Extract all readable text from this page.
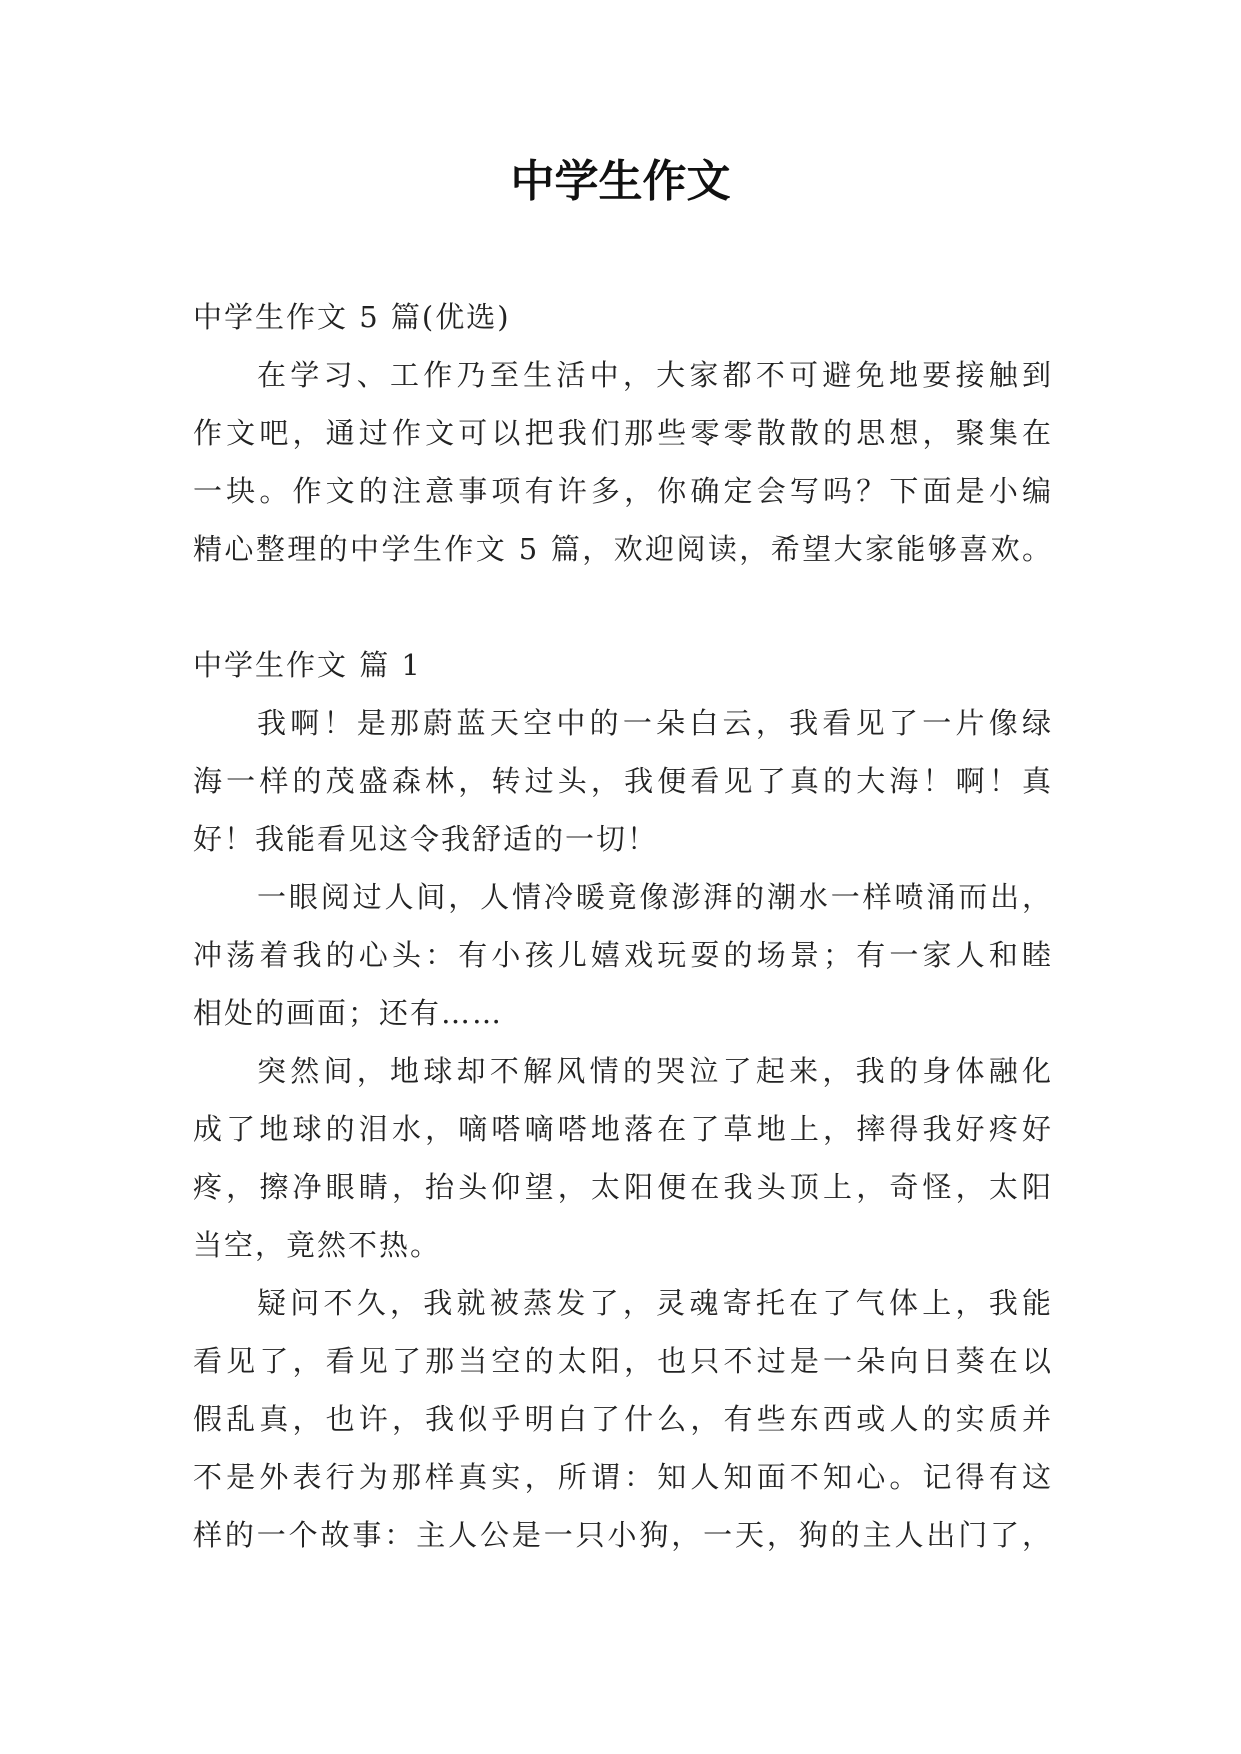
中学生作文
中学生作文 5 篇(优选)
在学习、工作乃至生活中，大家都不可避免地要接触到
作文吧，通过作文可以把我们那些零零散散的思想，聚集在
一块。作文的注意事项有许多，你确定会写吗？下面是小编
精心整理的中学生作文 5 篇，欢迎阅读，希望大家能够喜欢。
中学生作文 篇 1
我啊！是那蔚蓝天空中的一朵白云，我看见了一片像绿
海一样的茂盛森林，转过头，我便看见了真的大海！啊！真
好！我能看见这令我舒适的一切！
一眼阅过人间，人情冷暖竟像澎湃的潮水一样喷涌而出，
冲荡着我的心头：有小孩儿嬉戏玩耍的场景；有一家人和睦
相处的画面；还有……
突然间，地球却不解风情的哭泣了起来，我的身体融化
成了地球的泪水，嘀嗒嘀嗒地落在了草地上，摔得我好疼好
疼，擦净眼睛，抬头仰望，太阳便在我头顶上，奇怪，太阳
当空，竟然不热。
疑问不久，我就被蒸发了，灵魂寄托在了气体上，我能
看见了，看见了那当空的太阳，也只不过是一朵向日葵在以
假乱真，也许，我似乎明白了什么，有些东西或人的实质并
不是外表行为那样真实，所谓：知人知面不知心。记得有这
样的一个故事：主人公是一只小狗，一天，狗的主人出门了，
